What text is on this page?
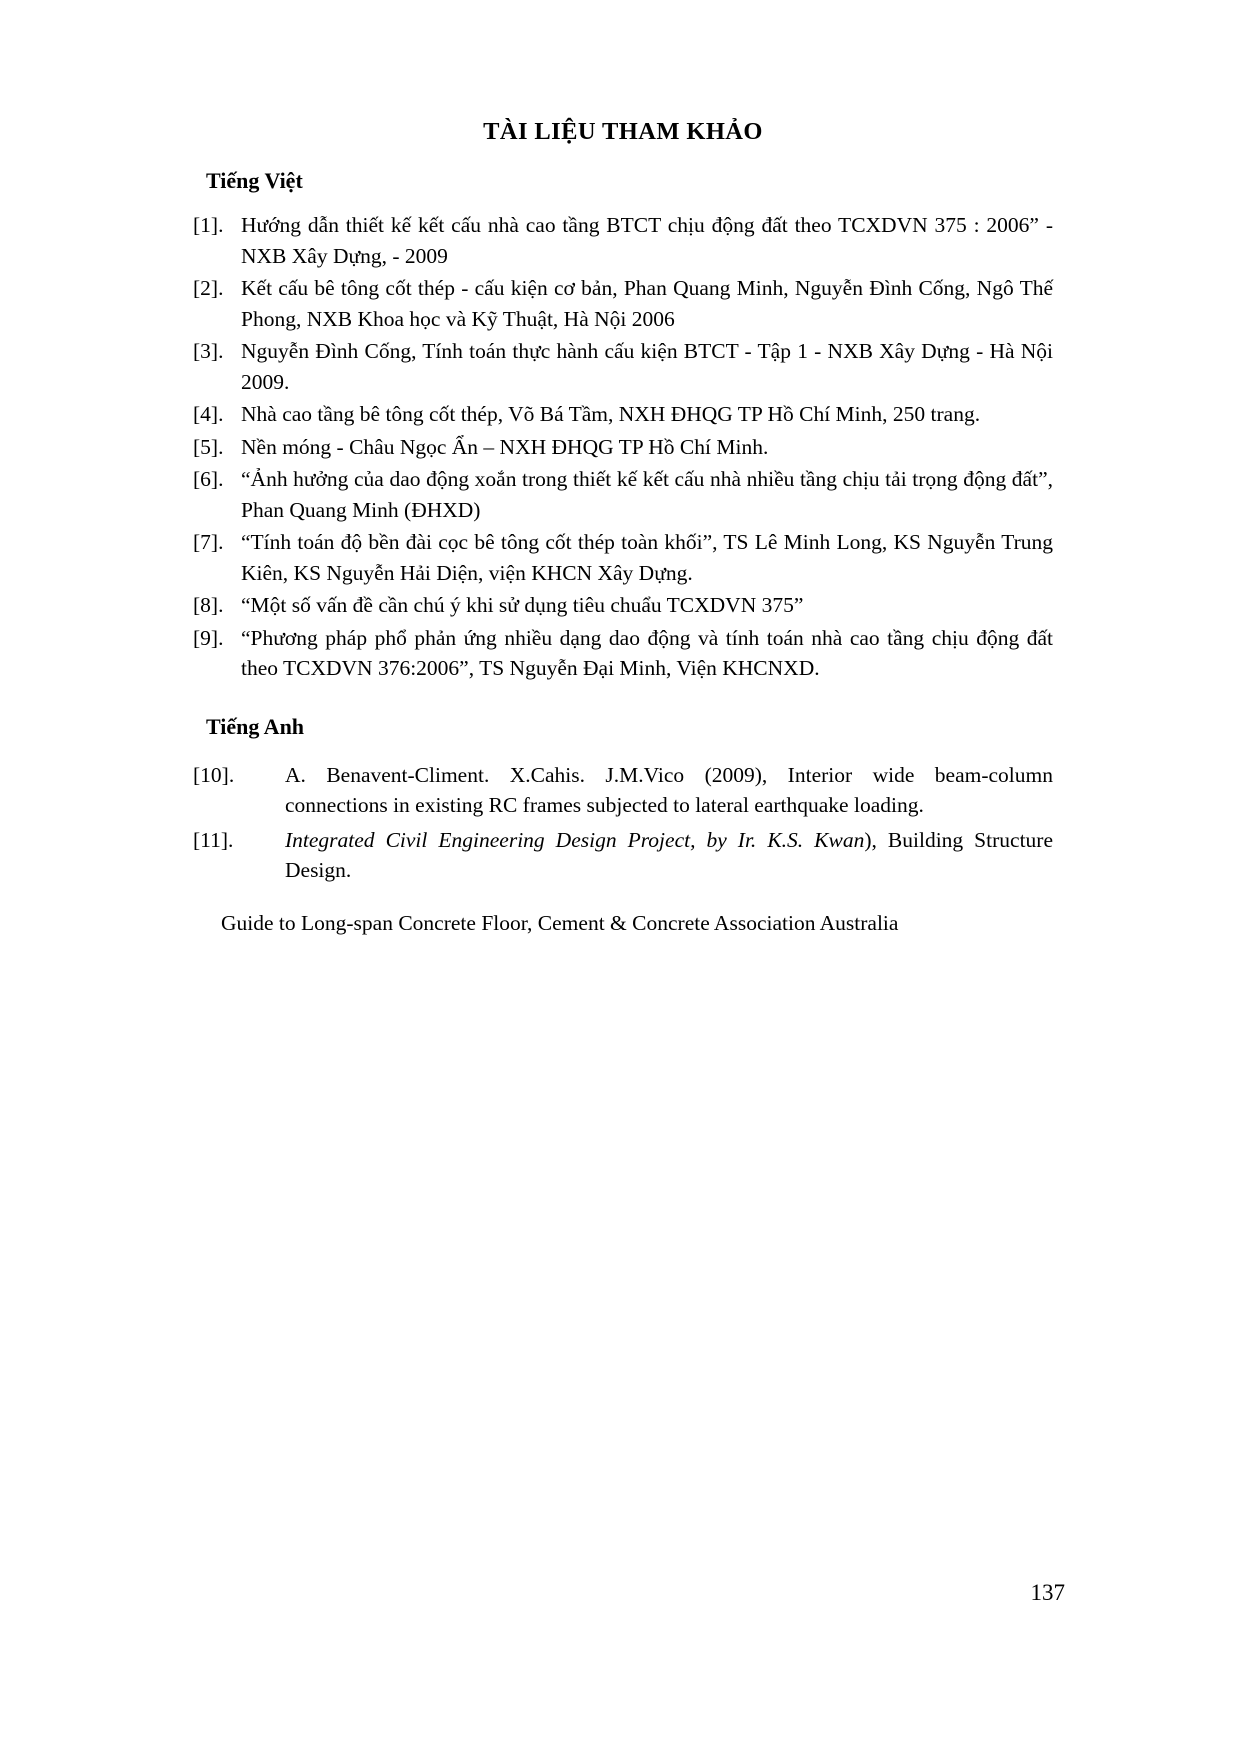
TÀI LIỆU THAM KHẢO
Tiếng Việt
[1]. Hướng dẫn thiết kế kết cấu nhà cao tầng BTCT chịu động đất theo TCXDVN 375 : 2006” - NXB Xây Dựng, - 2009
[2]. Kết cấu bê tông cốt thép - cấu kiện cơ bản, Phan Quang Minh, Nguyễn Đình Cống, Ngô Thế Phong, NXB Khoa học và Kỹ Thuật, Hà Nội 2006
[3]. Nguyễn Đình Cống, Tính toán thực hành cấu kiện BTCT - Tập 1 - NXB Xây Dựng - Hà Nội 2009.
[4]. Nhà cao tầng bê tông cốt thép, Võ Bá Tầm, NXH ĐHQG TP Hồ Chí Minh, 250 trang.
[5]. Nền móng - Châu Ngọc Ẩn – NXH ĐHQG TP Hồ Chí Minh.
[6]. “Ảnh hưởng của dao động xoắn trong thiết kế kết cấu nhà nhiều tầng chịu tải trọng động đất”, Phan Quang Minh (ĐHXD)
[7]. “Tính toán độ bền đài cọc bê tông cốt thép toàn khối”, TS Lê Minh Long, KS Nguyễn Trung Kiên, KS Nguyễn Hải Diện, viện KHCN Xây Dựng.
[8]. “Một số vấn đề cần chú ý khi sử dụng tiêu chuẩu TCXDVN 375”
[9]. “Phương pháp phổ phản ứng nhiều dạng dao động và tính toán nhà cao tầng chịu động đất theo TCXDVN 376:2006”, TS Nguyễn Đại Minh, Viện KHCNXD.
Tiếng Anh
[10].	A. Benavent-Climent. X.Cahis. J.M.Vico (2009), Interior wide beam-column connections in existing RC frames subjected to lateral earthquake loading.
[11].	Integrated Civil Engineering Design Project, by Ir. K.S. Kwan), Building Structure Design.

Guide to Long-span Concrete Floor, Cement & Concrete Association Australia

137
